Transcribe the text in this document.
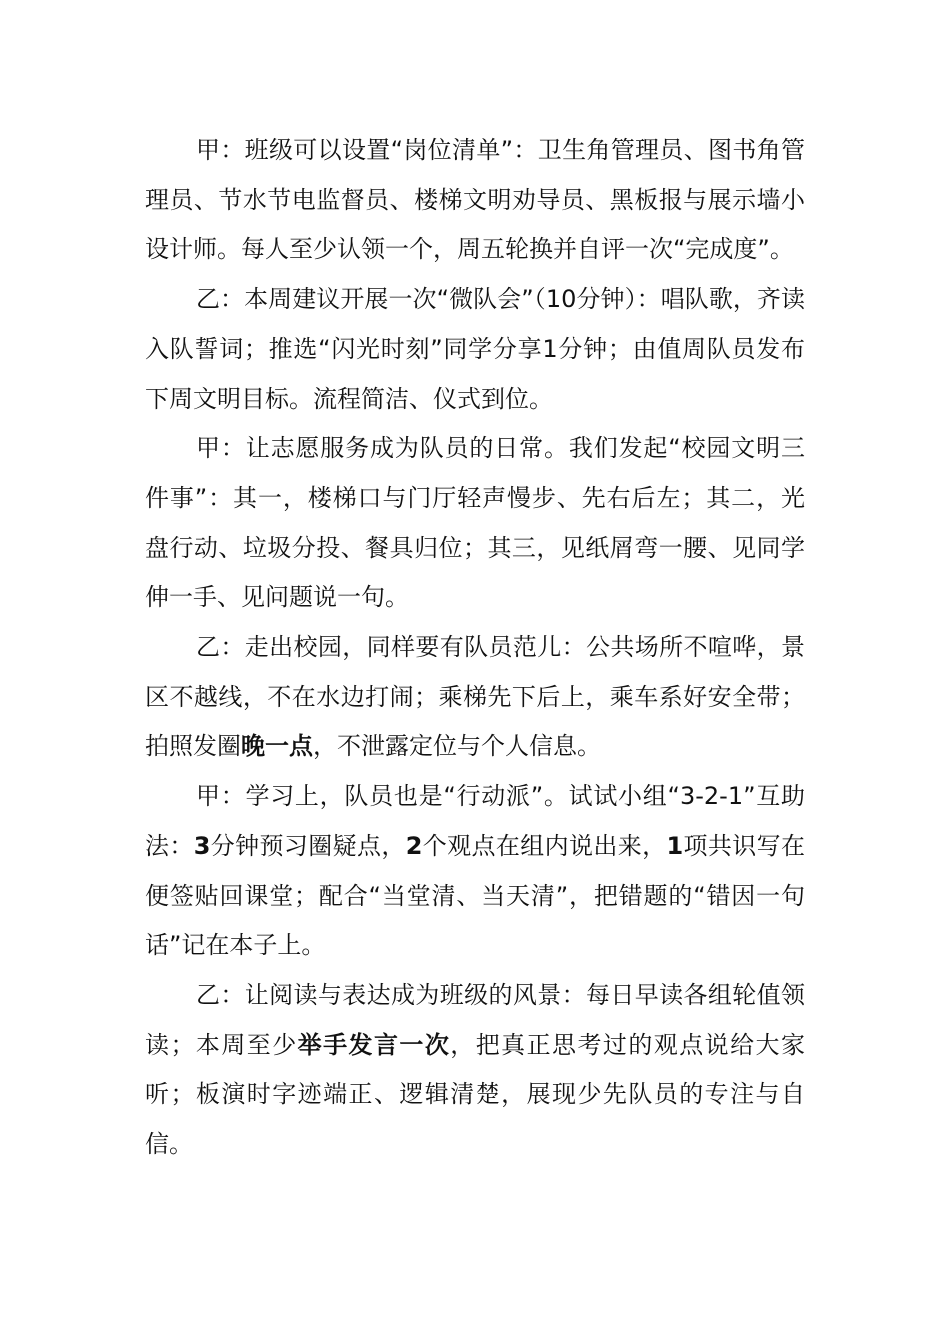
甲：班级可以设置“岗位清单”：卫生角管理员、图书角管理员、节水节电监督员、楼梯文明劝导员、黑板报与展示墙小设计师。每人至少认领一个，周五轮换并自评一次“完成度”。

乙：本周建议开展一次“微队会”（10分钟）：唱队歌，齐读入队誓词；推选“闪光时刻”同学分享1分钟；由值周队员发布下周文明目标。流程简洁、仪式到位。

甲：让志愿服务成为队员的日常。我们发起“校园文明三件事”：其一，楼梯口与门厅轻声慢步、先右后左；其二，光盘行动、垃圾分投、餐具归位；其三，见纸屑弯一腰、见同学伸一手、见问题说一句。

乙：走出校园，同样要有队员范儿：公共场所不喧哗，景区不越线，不在水边打闹；乘梯先下后上，乘车系好安全带；拍照发圈晚一点，不泄露定位与个人信息。

甲：学习上，队员也是“行动派”。试试小组“3-2-1”互助法：3分钟预习圈疑点，2个观点在组内说出来，1项共识写在便签贴回课堂；配合“当堂清、当天清”，把错题的“错因一句话”记在本子上。

乙：让阅读与表达成为班级的风景：每日早读各组轮值领读；本周至少举手发言一次，把真正思考过的观点说给大家听；板演时字迹端正、逻辑清楚，展现少先队员的专注与自信。
